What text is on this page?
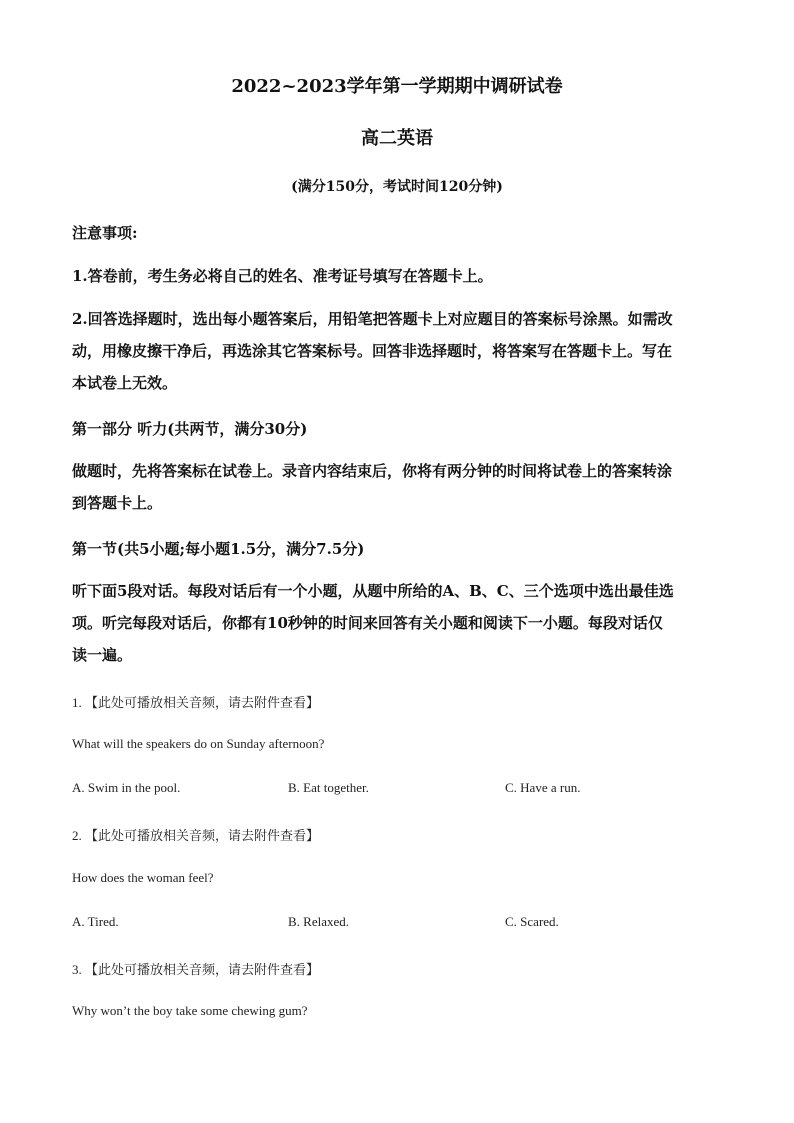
2022~2023学年第一学期期中调研试卷
高二英语
(满分150分，考试时间120分钟)
注意事项:
1.答卷前，考生务必将自己的姓名、准考证号填写在答题卡上。
2.回答选择题时，选出每小题答案后，用铅笔把答题卡上对应题目的答案标号涂黑。如需改
动，用橡皮擦干净后，再选涂其它答案标号。回答非选择题时，将答案写在答题卡上。写在
本试卷上无效。
第一部分 听力(共两节，满分30分)
做题时，先将答案标在试卷上。录音内容结束后，你将有两分钟的时间将试卷上的答案转涂
到答题卡上。
第一节(共5小题;每小题1.5分，满分7.5分)
听下面5段对话。每段对话后有一个小题，从题中所给的A、B、C、三个选项中选出最佳选
项。听完每段对话后，你都有10秒钟的时间来回答有关小题和阅读下一小题。每段对话仅
读一遍。
1. 【此处可播放相关音频，请去附件查看】
What will the speakers do on Sunday afternoon?
A. Swim in the pool.	B. Eat together.	C. Have a run.
2. 【此处可播放相关音频，请去附件查看】
How does the woman feel?
A. Tired.	B. Relaxed.	C. Scared.
3. 【此处可播放相关音频，请去附件查看】
Why won’t the boy take some chewing gum?
